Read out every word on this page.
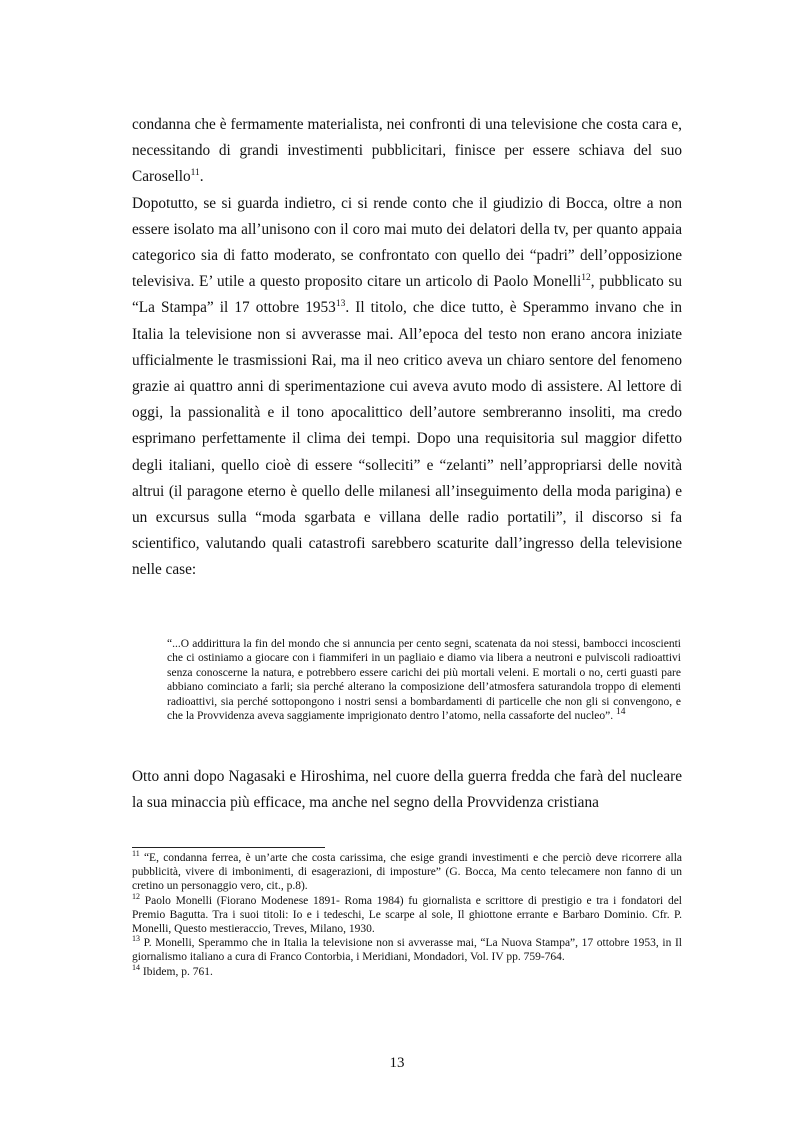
condanna che è fermamente materialista, nei confronti di una televisione che costa cara e, necessitando di grandi investimenti pubblicitari, finisce per essere schiava del suo Carosello$^{11}$.

Dopotutto, se si guarda indietro, ci si rende conto che il giudizio di Bocca, oltre a non essere isolato ma all’unisono con il coro mai muto dei delatori della tv, per quanto appaia categorico sia di fatto moderato, se confrontato con quello dei “padri” dell’opposizione televisiva. E’ utile a questo proposito citare un articolo di Paolo Monelli$^{12}$, pubblicato su “La Stampa” il 17 ottobre 1953$^{13}$. Il titolo, che dice tutto, è Sperammo invano che in Italia la televisione non si avverasse mai. All’epoca del testo non erano ancora iniziate ufficialmente le trasmissioni Rai, ma il neo critico aveva un chiaro sentore del fenomeno grazie ai quattro anni di sperimentazione cui aveva avuto modo di assistere. Al lettore di oggi, la passionalità e il tono apocalittico dell’autore sembreranno insoliti, ma credo esprimano perfettamente il clima dei tempi. Dopo una requisitoria sul maggior difetto degli italiani, quello cioè di essere “solleciti” e “zelanti” nell’appropriarsi delle novità altrui (il paragone eterno è quello delle milanesi all’inseguimento della moda parigina) e un excursus sulla “moda sgarbata e villana delle radio portatili”, il discorso si fa scientifico, valutando quali catastrofi sarebbero scaturite dall’ingresso della televisione nelle case:

“...O addirittura la fin del mondo che si annuncia per cento segni, scatenata da noi stessi, bambocci incoscienti che ci ostiniamo a giocare con i fiammiferi in un pagliaio e diamo via libera a neutroni e pulviscoli radioattivi senza conoscerne la natura, e potrebbero essere carichi dei più mortali veleni. E mortali o no, certi guasti pare abbiano cominciato a farli; sia perché alterano la composizione dell’atmosfera saturandola troppo di elementi radioattivi, sia perché sottopongono i nostri sensi a bombardamenti di particelle che non gli si convengono, e che la Provvidenza aveva saggiamente imprigionato dentro l’atomo, nella cassaforte del nucleo”. $^{14}$
Otto anni dopo Nagasaki e Hiroshima, nel cuore della guerra fredda che farà del nucleare la sua minaccia più efficace, ma anche nel segno della Provvidenza cristiana

$^{11}$ “E, condanna ferrea, è un’arte che costa carissima, che esige grandi investimenti e che perciò deve ricorrere alla pubblicità, vivere di imbonimenti, di esagerazioni, di imposture” (G. Bocca, Ma cento telecamere non fanno di un cretino un personaggio vero, cit., p.8).

$^{12}$ Paolo Monelli (Fiorano Modenese 1891- Roma 1984) fu giornalista e scrittore di prestigio e tra i fondatori del Premio Bagutta. Tra i suoi titoli: Io e i tedeschi, Le scarpe al sole, Il ghiottone errante e Barbaro Dominio. Cfr. P. Monelli, Questo mestieraccio, Treves, Milano, 1930.

$^{13}$ P. Monelli, Sperammo che in Italia la televisione non si avverasse mai, “La Nuova Stampa”, 17 ottobre 1953, in Il giornalismo italiano a cura di Franco Contorbia, i Meridiani, Mondadori, Vol. IV pp. 759-764.

$^{14}$ Ibidem, p. 761.

13
